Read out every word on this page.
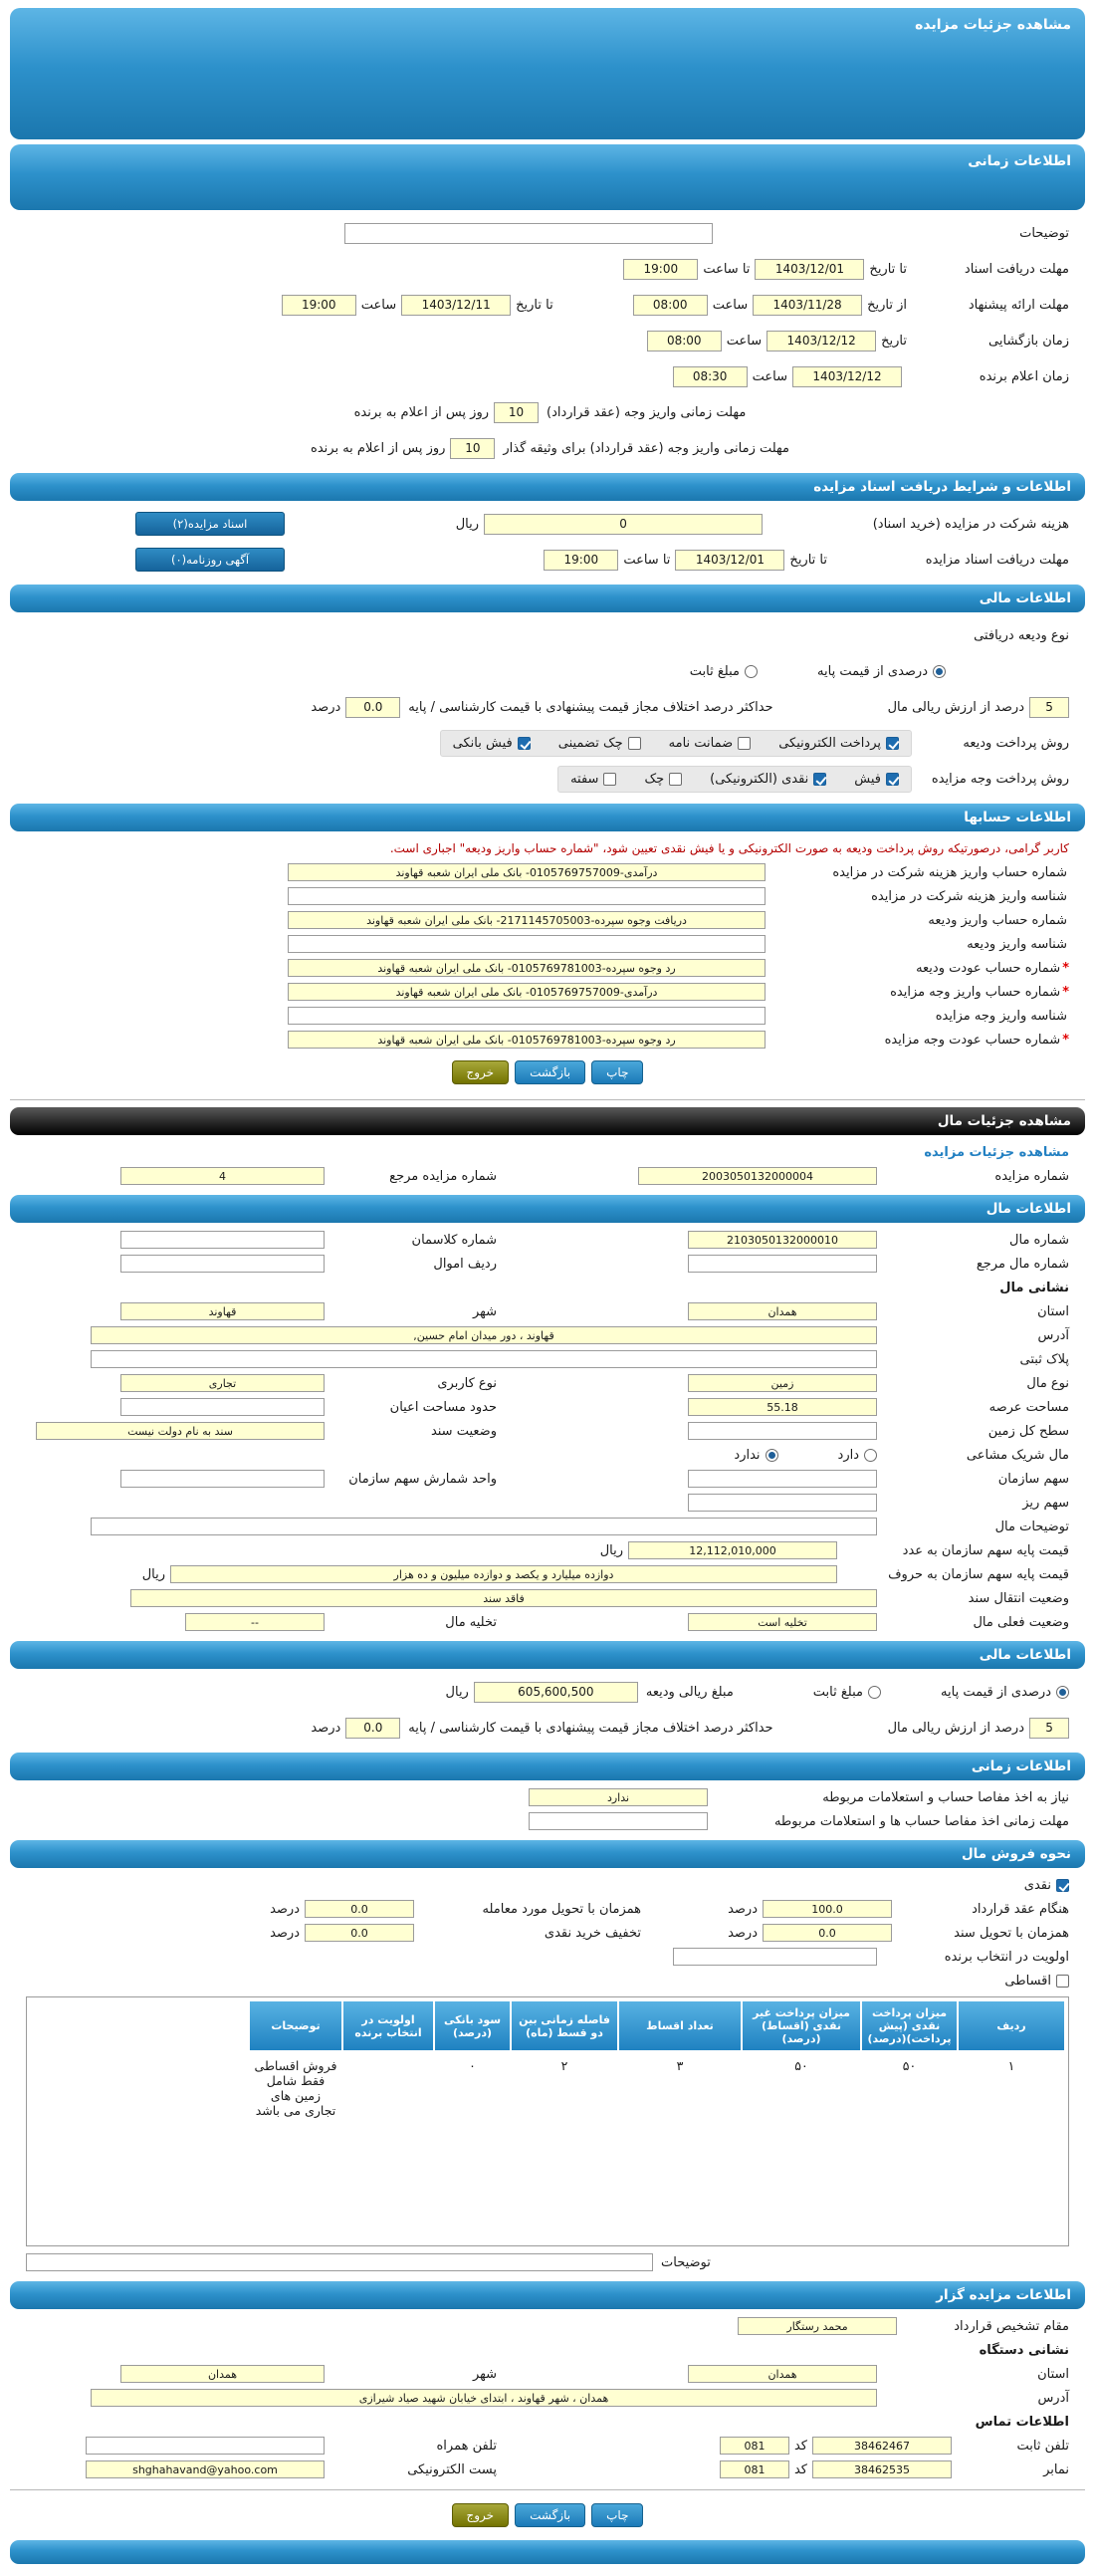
مشاهده جزئیات مزایده
اطلاعات زمانی
توضیحات
مهلت دریافت اسناد
تا تاریخ
1403/12/01
تا ساعت
19:00
مهلت ارائه پیشنهاد
از تاریخ
1403/11/28
ساعت
08:00
تا تاریخ
1403/12/11
ساعت
19:00
زمان بازگشایی
تاریخ
1403/12/12
ساعت
08:00
زمان اعلام برنده
1403/12/12
ساعت
08:30
مهلت زمانی واریز وجه (عقد قرارداد)
10
روز پس از اعلام به برنده
مهلت زمانی واریز وجه (عقد قرارداد) برای وثیقه گذار
10
روز پس از اعلام به برنده
اطلاعات و شرایط دریافت اسناد مزایده
هزینه شرکت در مزایده (خرید اسناد)
0
ریال
اسناد مزایده(۲)
مهلت دریافت اسناد مزایده
تا تاریخ
1403/12/01
تا ساعت
19:00
آگهی روزنامه(۰)
اطلاعات مالی
نوع ودیعه دریافتی
درصدی از قیمت پایه
مبلغ ثابت
5
درصد از ارزش ریالی مال
حداکثر درصد اختلاف مجاز قیمت پیشنهادی با قیمت کارشناسی / پایه
0.0
درصد
روش پرداخت ودیعه
پرداخت الکترونیکی
ضمانت نامه
چک تضمینی
فیش بانکی
روش پرداخت وجه مزایده
فیش
نقدی (الکترونیکی)
چک
سفته
اطلاعات حسابها
کاربر گرامی، درصورتیکه روش پرداخت ودیعه به صورت الکترونیکی و یا فیش نقدی تعیین شود، "شماره حساب واریز ودیعه" اجباری است.
شماره حساب واریز هزینه شرکت در مزایده
درآمدی-0105769757009- بانک ملی ایران شعبه قهاوند
شناسه واریز هزینه شرکت در مزایده
شماره حساب واریز ودیعه
دریافت وجوه سپرده-2171145705003- بانک ملی ایران شعبه قهاوند
شناسه واریز ودیعه
*شماره حساب عودت ودیعه
رد وجوه سپرده-0105769781003- بانک ملی ایران شعبه قهاوند
*شماره حساب واریز وجه مزایده
درآمدی-0105769757009- بانک ملی ایران شعبه قهاوند
شناسه واریز وجه مزایده
*شماره حساب عودت وجه مزایده
رد وجوه سپرده-0105769781003- بانک ملی ایران شعبه قهاوند
چاپ
بازگشت
خروج
مشاهده جزئیات مال
مشاهده جزئیات مزایده
شماره مزایده
2003050132000004
شماره مزایده مرجع
4
اطلاعات مال
شماره مال
2103050132000010
شماره کلاسمان
شماره مال مرجع
ردیف اموال
نشانی مال
استان
همدان
شهر
قهاوند
آدرس
قهاوند ، دور میدان امام حسین,
پلاک ثبتی
نوع مال
زمین
نوع کاربری
تجاری
مساحت عرصه
55.18
حدود مساحت اعیان
سطح کل زمین
وضعیت سند
سند به نام دولت نیست
مال شریک مشاعی
دارد
ندارد
سهم سازمان
واحد شمارش سهم سازمان
سهم ریز
توضیحات مال
قیمت پایه سهم سازمان به عدد
12,112,010,000
ریال
قیمت پایه سهم سازمان به حروف
دوازده میلیارد و یکصد و دوازده میلیون و ده هزار
ریال
وضعیت انتقال سند
فاقد سند
وضعیت فعلی مال
تخلیه است
تخلیه مال
--
اطلاعات مالی
درصدی از قیمت پایه
مبلغ ثابت
مبلغ ریالی ودیعه
605,600,500
ریال
5
درصد از ارزش ریالی مال
حداکثر درصد اختلاف مجاز قیمت پیشنهادی با قیمت کارشناسی / پایه
0.0
درصد
اطلاعات زمانی
نیاز به اخذ مفاصا حساب و استعلامات مربوطه
ندارد
مهلت زمانی اخذ مفاصا حساب ها و استعلامات مربوطه
نحوه فروش مال
نقدی
هنگام عقد قرارداد
100.0
درصد
همزمان با تحویل مورد معامله
0.0
درصد
همزمان با تحویل سند
0.0
درصد
تخفیف خرید نقدی
0.0
درصد
اولویت در انتخاب برنده
اقساطی
ردیف	میزان پرداخت نقدی (پیش پرداخت)(درصد)	میزان پرداخت غیر نقدی (اقساط) (درصد)	تعداد اقساط	فاصله زمانی بین دو قسط (ماه)	سود بانکی (درصد)	اولویت در انتخاب برنده	توضیحات
۱	۵۰	۵۰	۳	۲	۰		فروش اقساطی فقط شامل زمین های تجاری می باشد
توضیحات
اطلاعات مزایده گزار
مقام تشخیص قرارداد
محمد رستگار
نشانی دستگاه
استان
همدان
شهر
همدان
آدرس
همدان ، شهر قهاوند ، ابتدای خیابان شهید صیاد شیرازی
اطلاعات تماس
تلفن ثابت
38462467
کد
081
تلفن همراه
نمابر
38462535
کد
081
پست الکترونیکی
shghahavand@yahoo.com
چاپ
بازگشت
خروج
